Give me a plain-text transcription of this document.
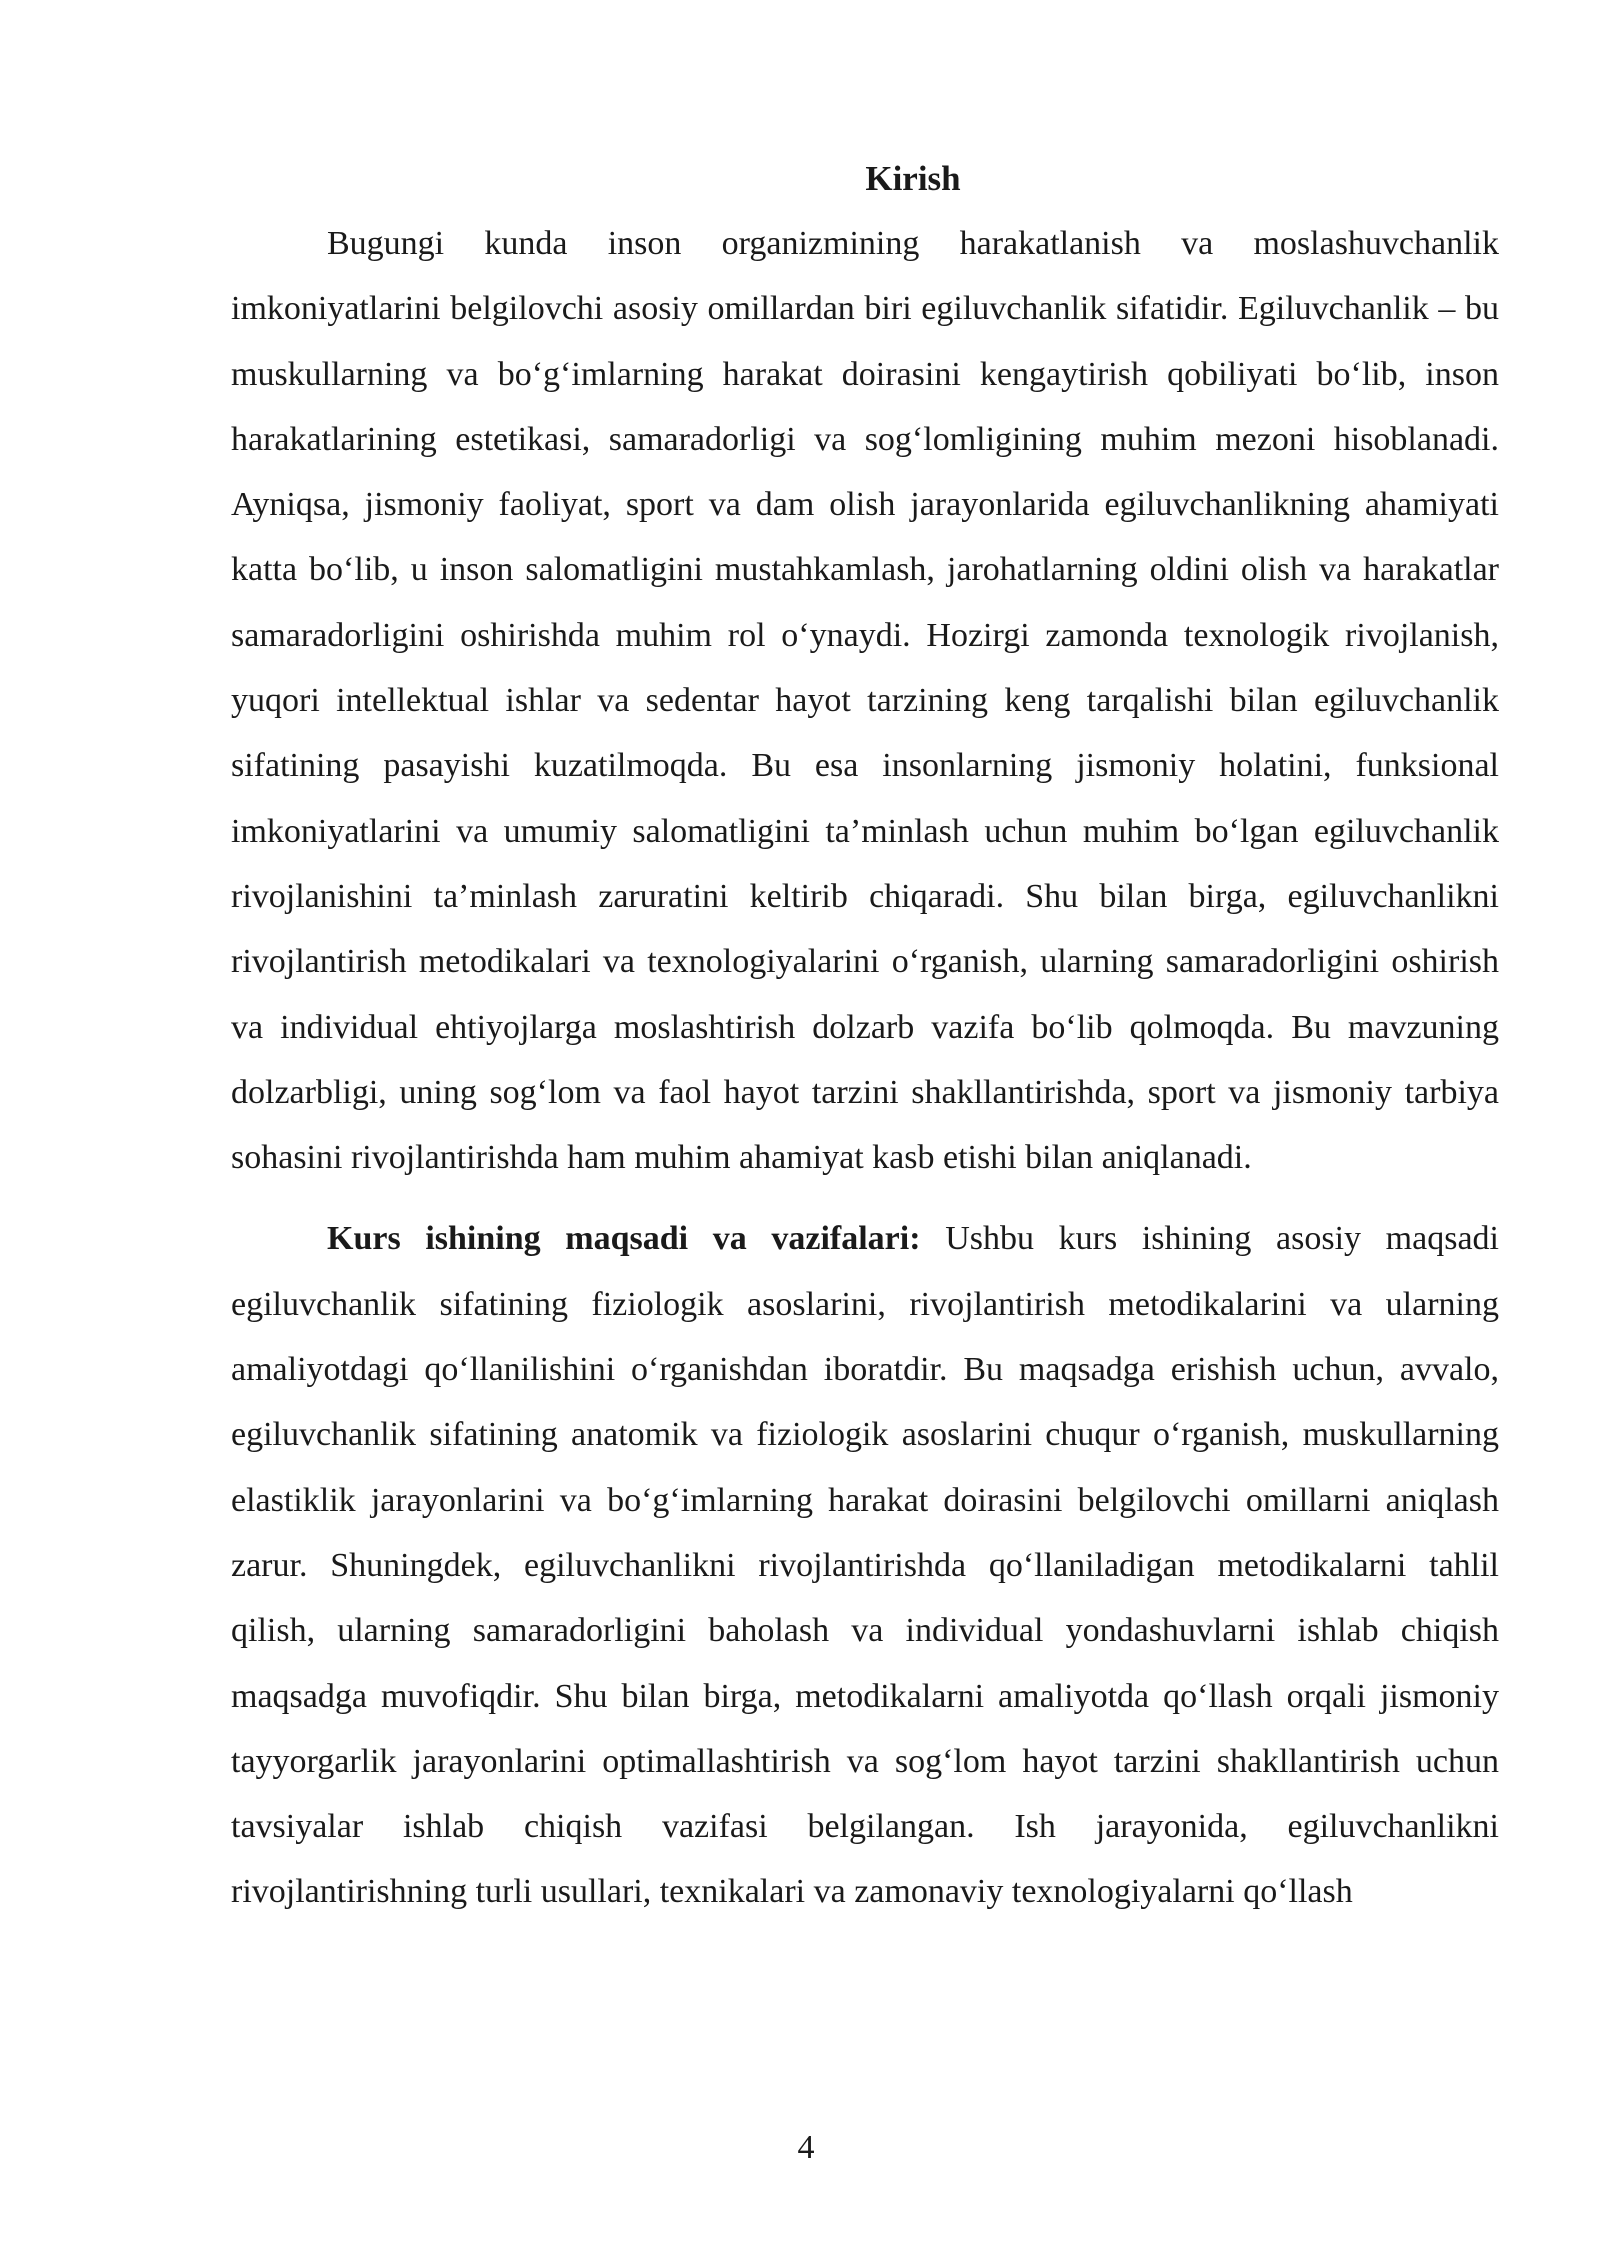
Kirish

Bugungi kunda inson organizmining harakatlanish va moslashuvchanlik imkoniyatlarini belgilovchi asosiy omillardan biri egiluvchanlik sifatidir. Egiluvchanlik – bu muskullarning va bo‘g‘imlarning harakat doirasini kengaytirish qobiliyati bo‘lib, inson harakatlarining estetikasi, samaradorligi va sog‘lomligining muhim mezoni hisoblanadi. Ayniqsa, jismoniy faoliyat, sport va dam olish jarayonlarida egiluvchanlikning ahamiyati katta bo‘lib, u inson salomatligini mustahkamlash, jarohatlarning oldini olish va harakatlar samaradorligini oshirishda muhim rol o‘ynaydi. Hozirgi zamonda texnologik rivojlanish, yuqori intellektual ishlar va sedentar hayot tarzining keng tarqalishi bilan egiluvchanlik sifatining pasayishi kuzatilmoqda. Bu esa insonlarning jismoniy holatini, funksional imkoniyatlarini va umumiy salomatligini ta’minlash uchun muhim bo‘lgan egiluvchanlik rivojlanishini ta’minlash zaruratini keltirib chiqaradi. Shu bilan birga, egiluvchanlikni rivojlantirish metodikalari va texnologiyalarini o‘rganish, ularning samaradorligini oshirish va individual ehtiyojlarga moslashtirish dolzarb vazifa bo‘lib qolmoqda. Bu mavzuning dolzarbligi, uning sog‘lom va faol hayot tarzini shakllantirishda, sport va jismoniy tarbiya sohasini rivojlantirishda ham muhim ahamiyat kasb etishi bilan aniqlanadi.

Kurs ishining maqsadi va vazifalari: Ushbu kurs ishining asosiy maqsadi egiluvchanlik sifatining fiziologik asoslarini, rivojlantirish metodikalarini va ularning amaliyotdagi qo‘llanilishini o‘rganishdan iboratdir. Bu maqsadga erishish uchun, avvalo, egiluvchanlik sifatining anatomik va fiziologik asoslarini chuqur o‘rganish, muskullarning elastiklik jarayonlarini va bo‘g‘imlarning harakat doirasini belgilovchi omillarni aniqlash zarur. Shuningdek, egiluvchanlikni rivojlantirishda qo‘llaniladigan metodikalarni tahlil qilish, ularning samaradorligini baholash va individual yondashuvlarni ishlab chiqish maqsadga muvofiqdir. Shu bilan birga, metodikalarni amaliyotda qo‘llash orqali jismoniy tayyorgarlik jarayonlarini optimallashtirish va sog‘lom hayot tarzini shakllantirish uchun tavsiyalar ishlab chiqish vazifasi belgilangan. Ish jarayonida, egiluvchanlikni rivojlantirishning turli usullari, texnikalari va zamonaviy texnologiyalarni qo‘llash

4
